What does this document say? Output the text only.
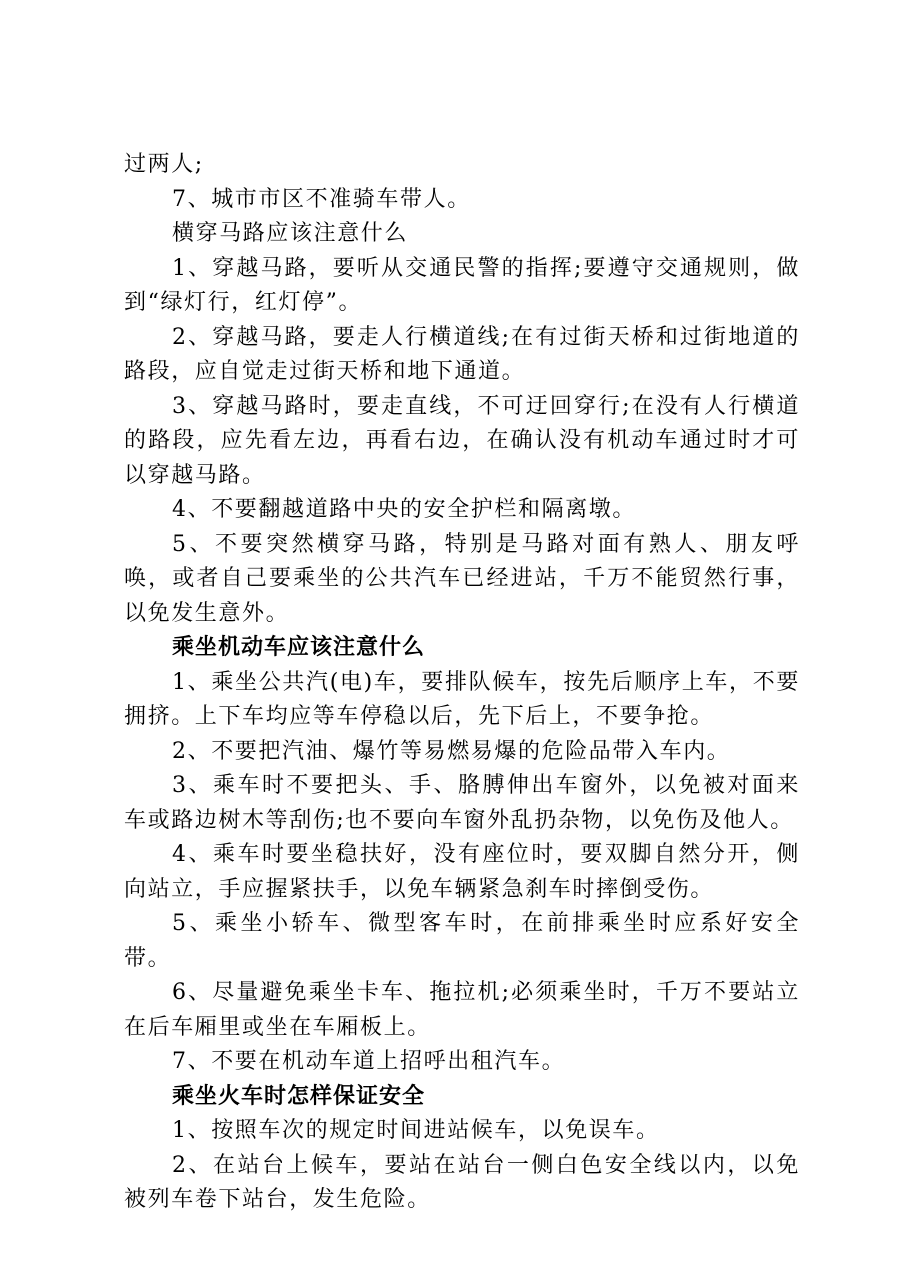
过两人;

7、城市市区不准骑车带人。

横穿马路应该注意什么

1、穿越马路，要听从交通民警的指挥;要遵守交通规则，做到“绿灯行，红灯停”。

2、穿越马路，要走人行横道线;在有过街天桥和过街地道的路段，应自觉走过街天桥和地下通道。

3、穿越马路时，要走直线，不可迂回穿行;在没有人行横道的路段，应先看左边，再看右边，在确认没有机动车通过时才可以穿越马路。

4、不要翻越道路中央的安全护栏和隔离墩。

5、不要突然横穿马路，特别是马路对面有熟人、朋友呼唤，或者自己要乘坐的公共汽车已经进站，千万不能贸然行事，以免发生意外。

乘坐机动车应该注意什么

1、乘坐公共汽(电)车，要排队候车，按先后顺序上车，不要拥挤。上下车均应等车停稳以后，先下后上，不要争抢。

2、不要把汽油、爆竹等易燃易爆的危险品带入车内。

3、乘车时不要把头、手、胳膊伸出车窗外，以免被对面来车或路边树木等刮伤;也不要向车窗外乱扔杂物，以免伤及他人。

4、乘车时要坐稳扶好，没有座位时，要双脚自然分开，侧向站立，手应握紧扶手，以免车辆紧急刹车时摔倒受伤。

5、乘坐小轿车、微型客车时，在前排乘坐时应系好安全带。

6、尽量避免乘坐卡车、拖拉机;必须乘坐时，千万不要站立在后车厢里或坐在车厢板上。

7、不要在机动车道上招呼出租汽车。

乘坐火车时怎样保证安全

1、按照车次的规定时间进站候车，以免误车。

2、在站台上候车，要站在站台一侧白色安全线以内，以免被列车卷下站台，发生危险。
